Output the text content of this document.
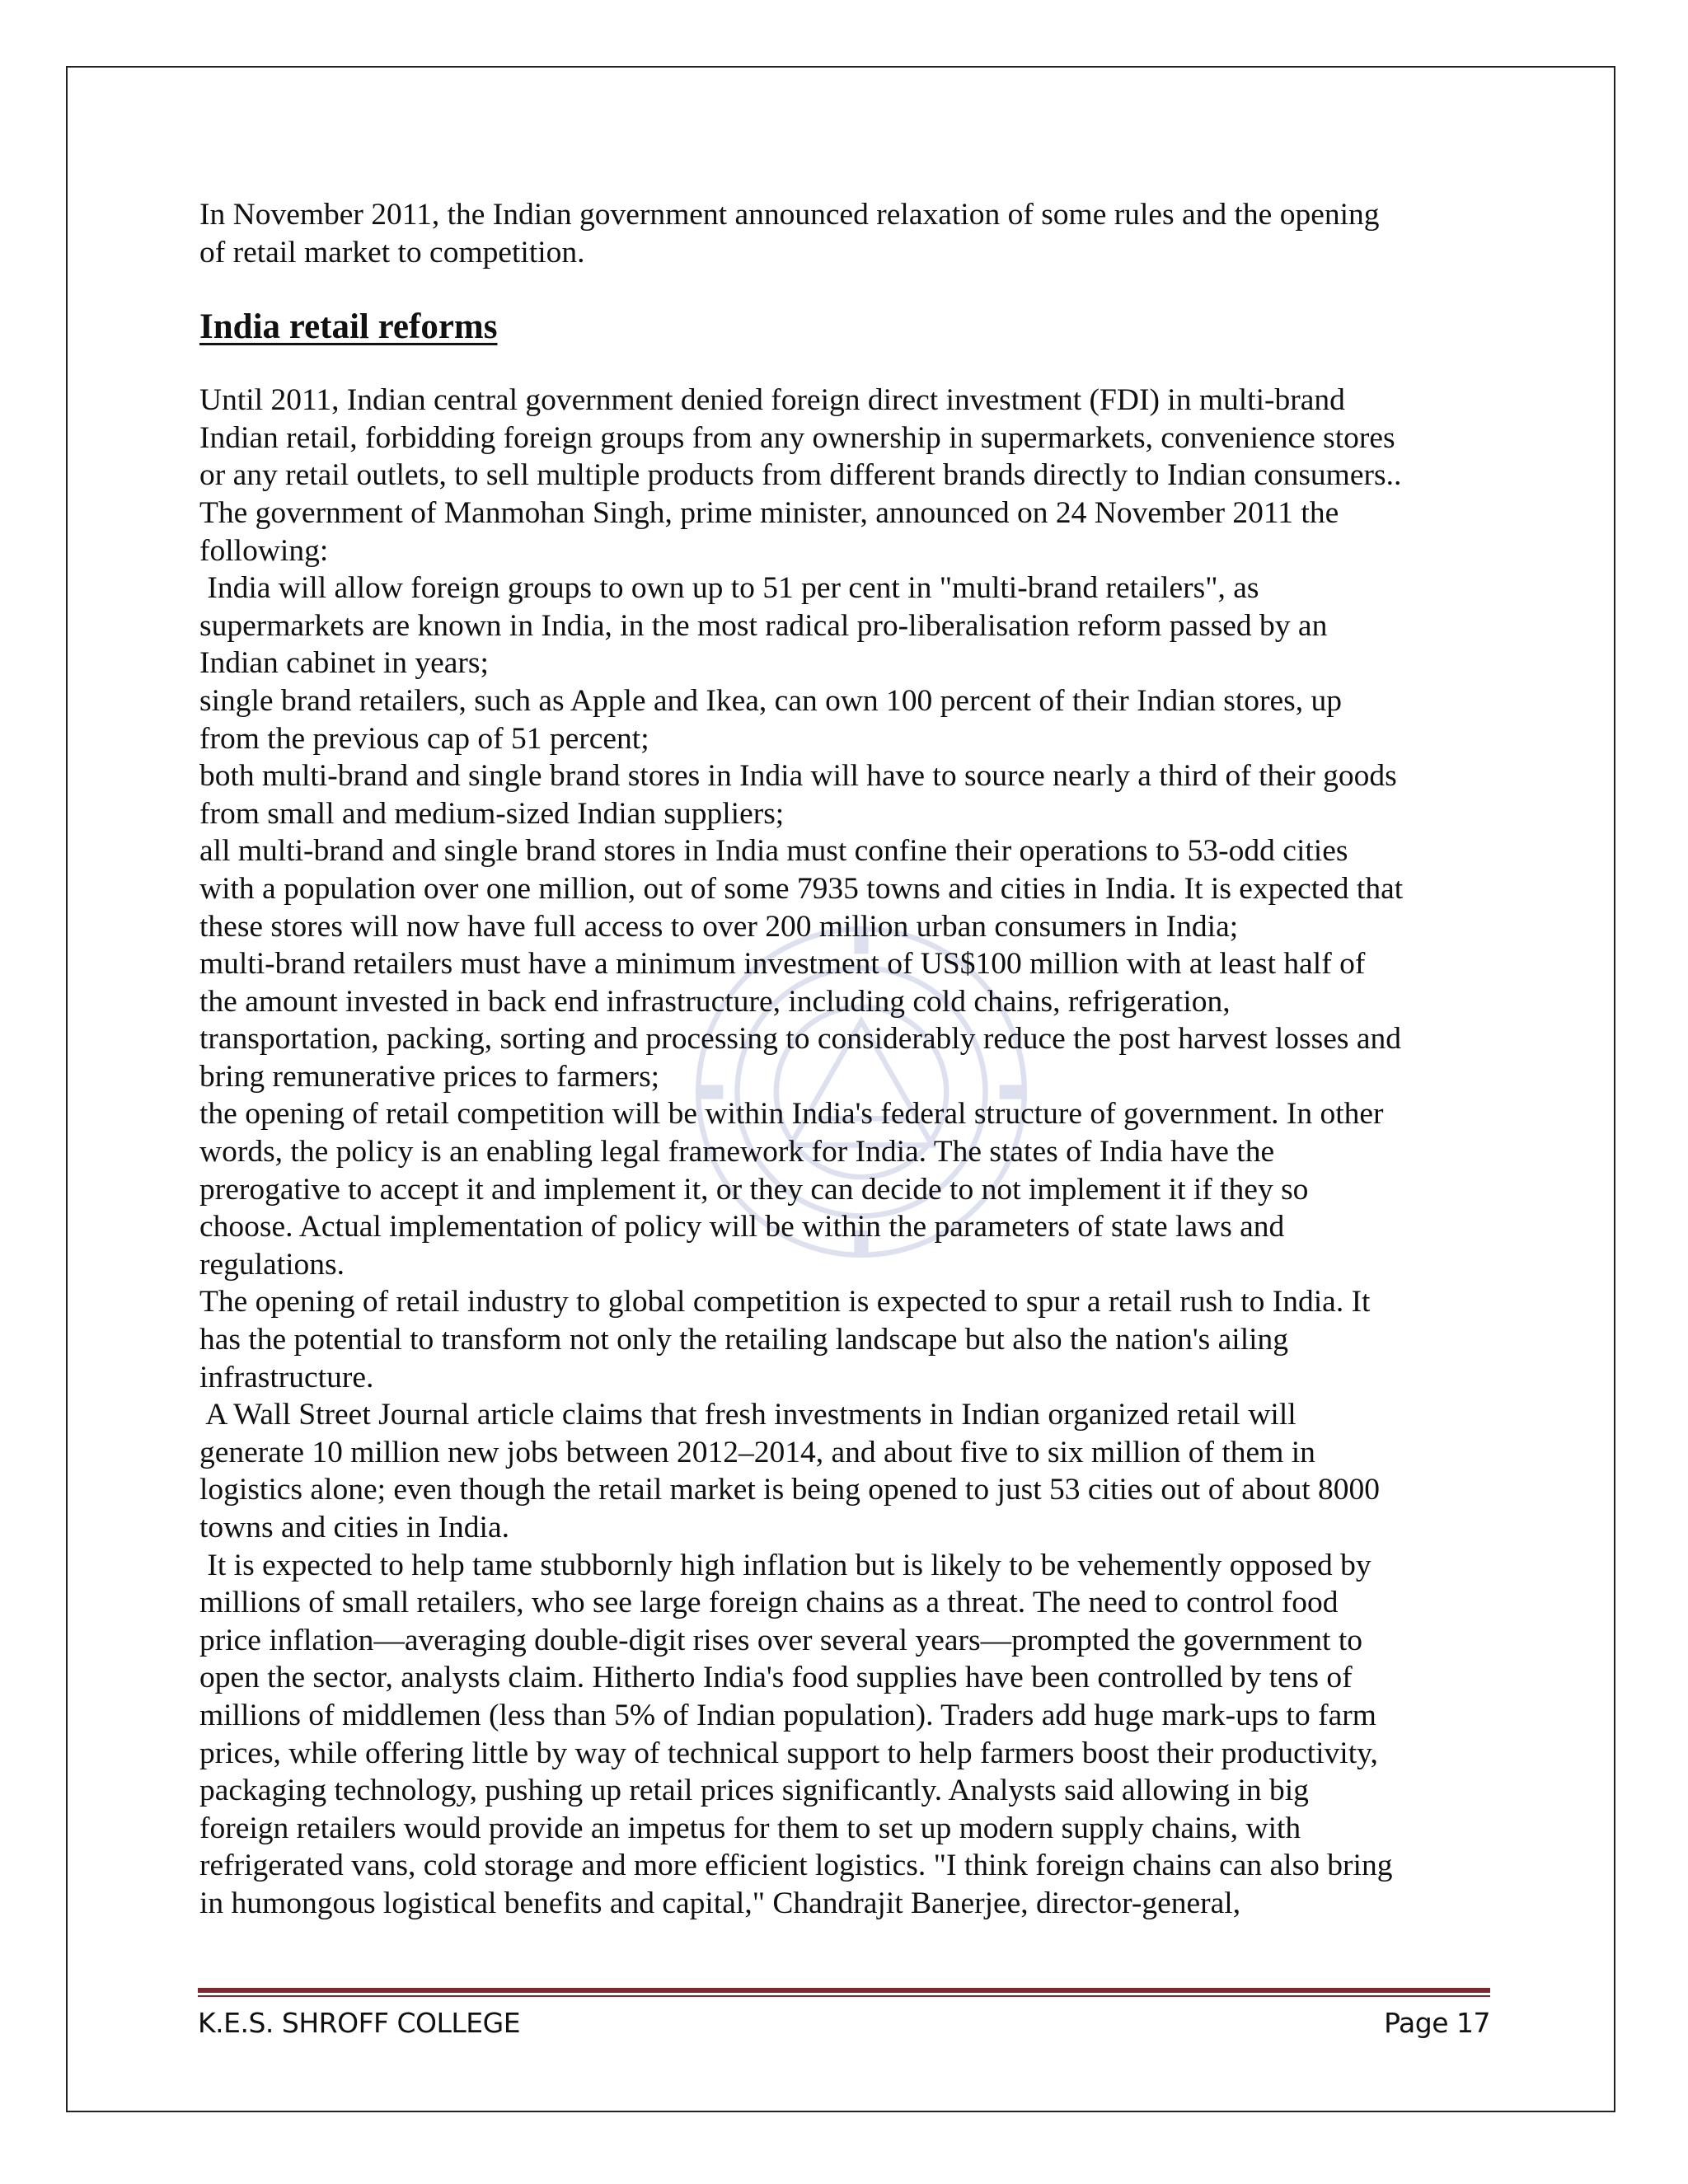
In November 2011, the Indian government announced relaxation of some rules and the opening

of retail market to competition.

India retail reforms

Until 2011, Indian central government denied foreign direct investment (FDI) in multi-brand

Indian retail, forbidding foreign groups from any ownership in supermarkets, convenience stores

or any retail outlets, to sell multiple products from different brands directly to Indian consumers..

The government of Manmohan Singh, prime minister, announced on 24 November 2011 the

following:

India will allow foreign groups to own up to 51 per cent in "multi-brand retailers", as

supermarkets are known in India, in the most radical pro-liberalisation reform passed by an

Indian cabinet in years;

single brand retailers, such as Apple and Ikea, can own 100 percent of their Indian stores, up

from the previous cap of 51 percent;

both multi-brand and single brand stores in India will have to source nearly a third of their goods

from small and medium-sized Indian suppliers;

all multi-brand and single brand stores in India must confine their operations to 53-odd cities

with a population over one million, out of some 7935 towns and cities in India. It is expected that

these stores will now have full access to over 200 million urban consumers in India;

multi-brand retailers must have a minimum investment of US$100 million with at least half of

the amount invested in back end infrastructure, including cold chains, refrigeration,

transportation, packing, sorting and processing to considerably reduce the post harvest losses and

bring remunerative prices to farmers;

the opening of retail competition will be within India's federal structure of government. In other

words, the policy is an enabling legal framework for India. The states of India have the

prerogative to accept it and implement it, or they can decide to not implement it if they so

choose. Actual implementation of policy will be within the parameters of state laws and

regulations.

The opening of retail industry to global competition is expected to spur a retail rush to India. It

has the potential to transform not only the retailing landscape but also the nation's ailing

infrastructure.

A Wall Street Journal article claims that fresh investments in Indian organized retail will

generate 10 million new jobs between 2012–2014, and about five to six million of them in

logistics alone; even though the retail market is being opened to just 53 cities out of about 8000

towns and cities in India.

It is expected to help tame stubbornly high inflation but is likely to be vehemently opposed by

millions of small retailers, who see large foreign chains as a threat. The need to control food

price inflation—averaging double-digit rises over several years—prompted the government to

open the sector, analysts claim. Hitherto India's food supplies have been controlled by tens of

millions of middlemen (less than 5% of Indian population). Traders add huge mark-ups to farm

prices, while offering little by way of technical support to help farmers boost their productivity,

packaging technology, pushing up retail prices significantly. Analysts said allowing in big

foreign retailers would provide an impetus for them to set up modern supply chains, with

refrigerated vans, cold storage and more efficient logistics. "I think foreign chains can also bring

in humongous logistical benefits and capital," Chandrajit Banerjee, director-general,

K.E.S. SHROFF COLLEGE	Page 17
